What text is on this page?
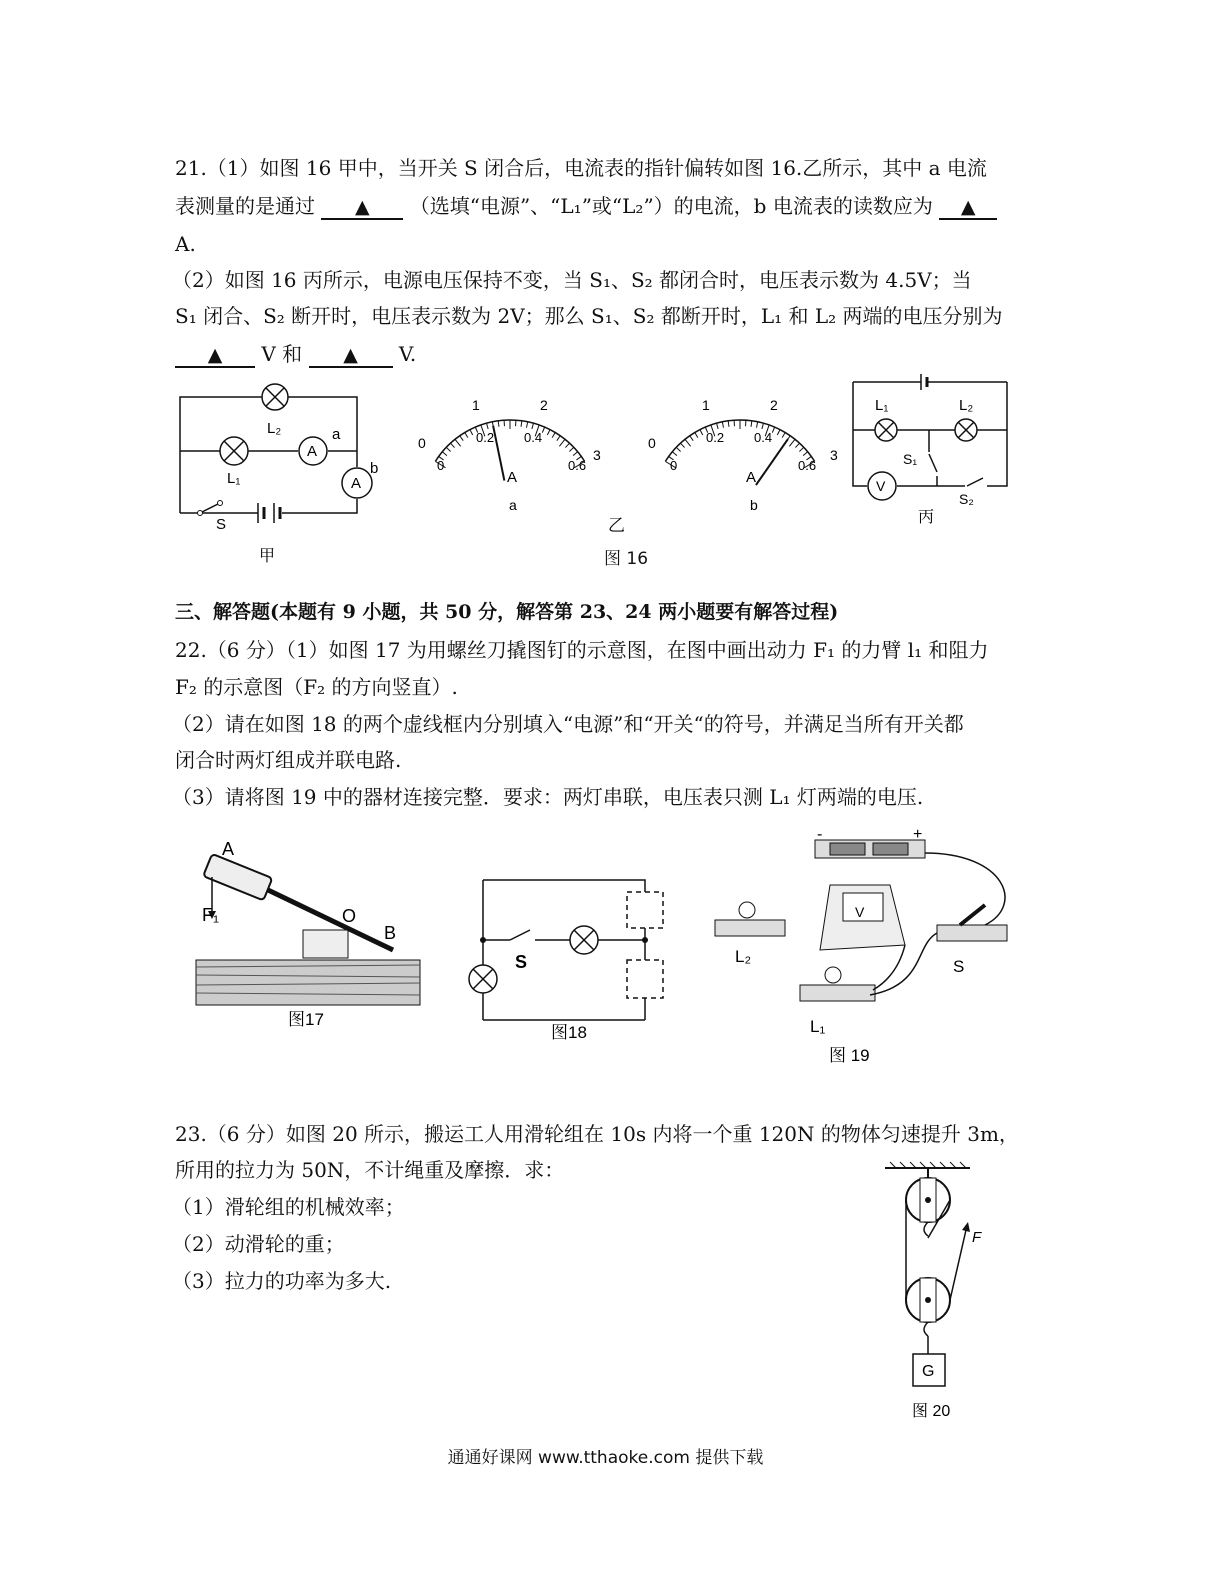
21.（1）如图 16 甲中，当开关 S 闭合后，电流表的指针偏转如图 16.乙所示，其中 a 电流
表测量的是通过 ▲ （选填“电源”、“L₁”或“L₂”）的电流，b 电流表的读数应为 ▲
A.
（2）如图 16 丙所示，电源电压保持不变，当 S₁、S₂ 都闭合时，电压表示数为 4.5V；当
S₁ 闭合、S₂ 断开时，电压表示数为 2V；那么 S₁、S₂ 都断开时，L₁ 和 L₂ 两端的电压分别为
▲ V 和 ▲ V.
L₂
L₁
A
A
a
b
S
甲
0
1	2
3
0
0.2 0.4
0.6
A
a
0
1	2
3
0
0.2 0.4
0.6
A
b
乙
图 16
L₁	L₂
S₁
S₂
V
丙
三、解答题(本题有 9 小题，共 50 分，解答第 23、24 两小题要有解答过程)
22.（6 分）（1）如图 17 为用螺丝刀撬图钉的示意图，在图中画出动力 F₁ 的力臂 l₁ 和阻力
F₂ 的示意图（F₂ 的方向竖直）.
（2）请在如图 18 的两个虚线框内分别填入“电源”和“开关“的符号，并满足当所有开关都
闭合时两灯组成并联电路.
（3）请将图 19 中的器材连接完整．要求：两灯串联，电压表只测 L₁ 灯两端的电压.
A
F₁	O
B
图17
S
图18
-	+
V
L₂
L₁
S
图 19
23.（6 分）如图 20 所示，搬运工人用滑轮组在 10s 内将一个重 120N 的物体匀速提升 3m，
所用的拉力为 50N，不计绳重及摩擦．求：
（1）滑轮组的机械效率；
（2）动滑轮的重；
（3）拉力的功率为多大.
F
G
图 20
通通好课网 www.tthaoke.com 提供下载
